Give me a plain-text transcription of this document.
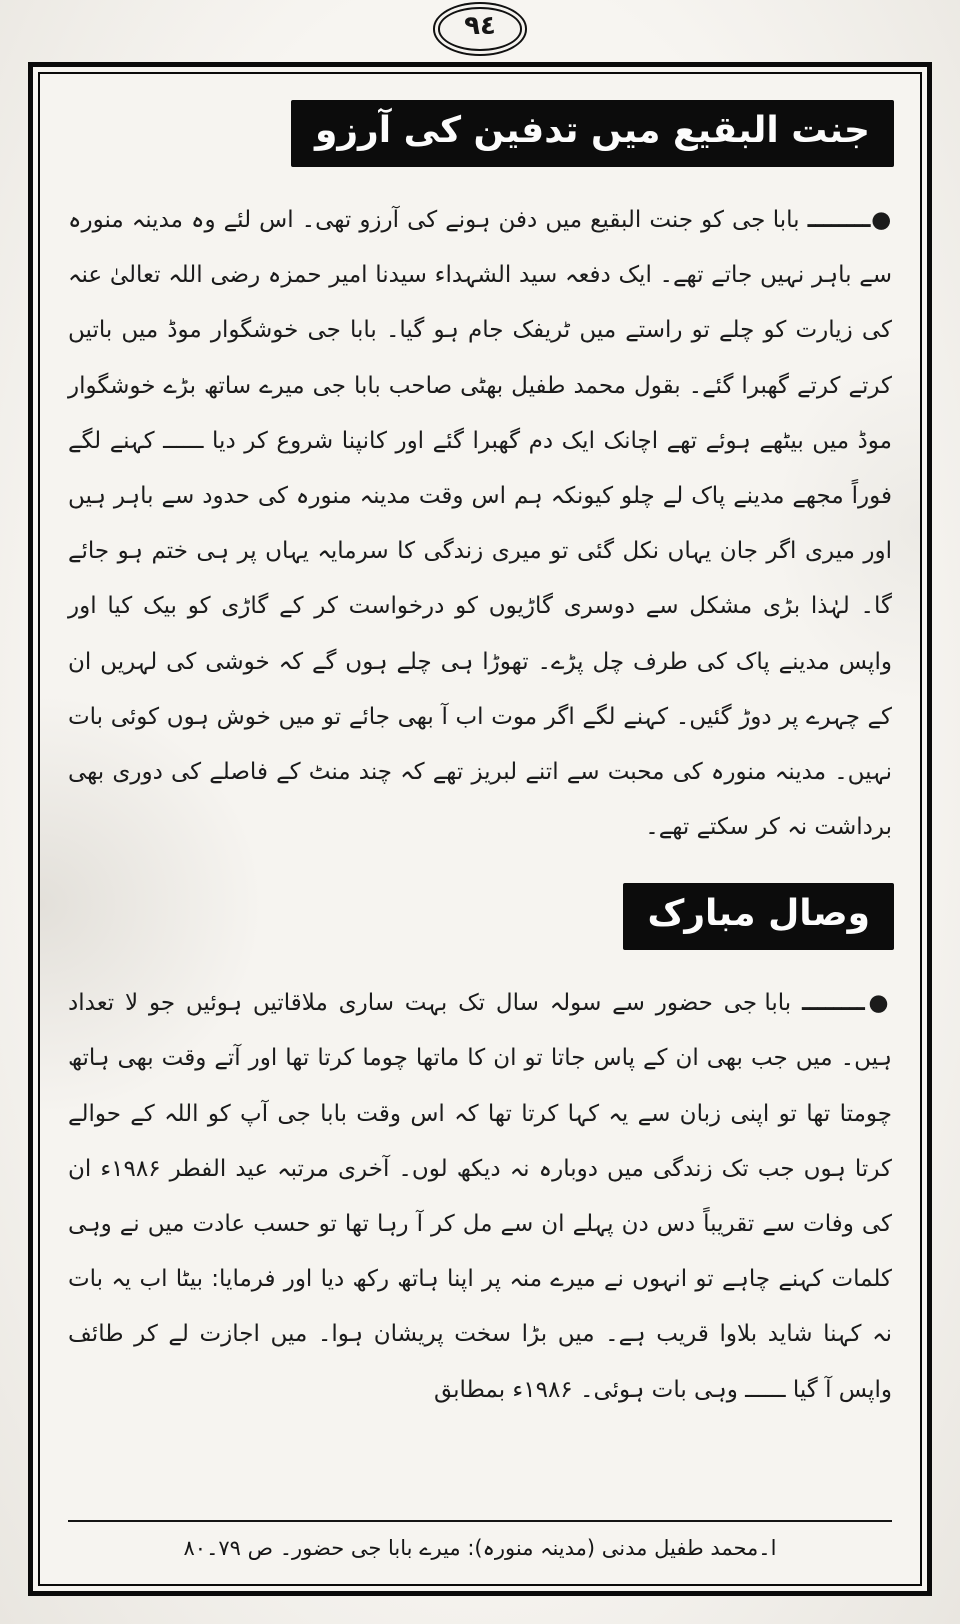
٩٤
جنت البقیع میں تدفین کی آرزو

●ــــــــ بابا جی کو جنت البقیع میں دفن ہونے کی آرزو تھی۔ اس لئے وہ مدینہ منورہ سے باہر نہیں جاتے تھے۔ ایک دفعہ سید الشہداء سیدنا امیر حمزہ رضی اللہ تعالیٰ عنہ کی زیارت کو چلے تو راستے میں ٹریفک جام ہو گیا۔ بابا جی خوشگوار موڈ میں باتیں کرتے کرتے گھبرا گئے۔ بقول محمد طفیل بھٹی صاحب بابا جی میرے ساتھ بڑے خوشگوار موڈ میں بیٹھے ہوئے تھے اچانک ایک دم گھبرا گئے اور کانپنا شروع کر دیا ــــــ کہنے لگے فوراً مجھے مدینے پاک لے چلو کیونکہ ہم اس وقت مدینہ منورہ کی حدود سے باہر ہیں اور میری اگر جان یہاں نکل گئی تو میری زندگی کا سرمایہ یہاں پر ہی ختم ہو جائے گا۔ لہٰذا بڑی مشکل سے دوسری گاڑیوں کو درخواست کر کے گاڑی کو بیک کیا اور واپس مدینے پاک کی طرف چل پڑے۔ تھوڑا ہی چلے ہوں گے کہ خوشی کی لہریں ان کے چہرے پر دوڑ گئیں۔ کہنے لگے اگر موت اب آ بھی جائے تو میں خوش ہوں کوئی بات نہیں۔ مدینہ منورہ کی محبت سے اتنے لبریز تھے کہ چند منٹ کے فاصلے کی دوری بھی برداشت نہ کر سکتے تھے۔

وصال مبارک

●ــــــــ بابا جی حضور سے سولہ سال تک بہت ساری ملاقاتیں ہوئیں جو لا تعداد ہیں۔ میں جب بھی ان کے پاس جاتا تو ان کا ماتھا چوما کرتا تھا اور آتے وقت بھی ہاتھ چومتا تھا تو اپنی زبان سے یہ کہا کرتا تھا کہ اس وقت بابا جی آپ کو اللہ کے حوالے کرتا ہوں جب تک زندگی میں دوبارہ نہ دیکھ لوں۔ آخری مرتبہ عید الفطر ۱۹۸۶ء ان کی وفات سے تقریباً دس دن پہلے ان سے مل کر آ رہا تھا تو حسب عادت میں نے وہی کلمات کہنے چاہے تو انہوں نے میرے منہ پر اپنا ہاتھ رکھ دیا اور فرمایا: بیٹا اب یہ بات نہ کہنا شاید بلاوا قریب ہے۔ میں بڑا سخت پریشان ہوا۔ میں اجازت لے کر طائف واپس آ گیا ــــــ وہی بات ہوئی۔ ۱۹۸۶ء بمطابق

ا۔محمد طفیل مدنی (مدینہ منورہ): میرے بابا جی حضور۔ ص ۷۹۔۸۰
